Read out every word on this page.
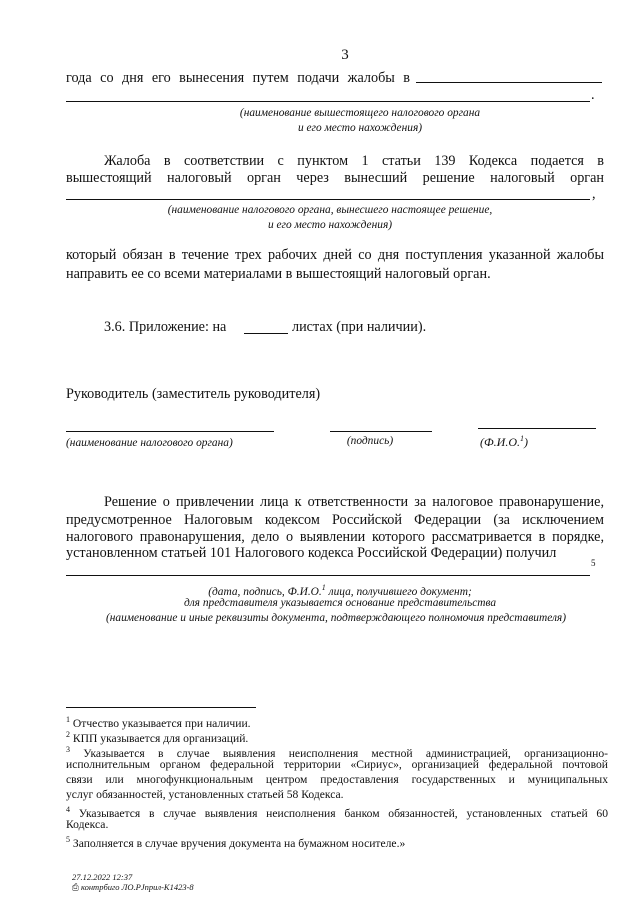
3
года со дня его вынесения путем подачи жалобы в
.
(наименование вышестоящего налогового органа
и его место нахождения)
Жалоба в соответствии с пунктом 1 статьи 139 Кодекса подается в
вышестоящий налоговый орган через вынесший решение налоговый орган
,
(наименование налогового органа, вынесшего настоящее решение,
и его место нахождения)
который обязан в течение трех рабочих дней со дня поступления указанной жалобы
направить ее со всеми материалами в вышестоящий налоговый орган.
3.6. Приложение: на	листах (при наличии).
Руководитель (заместитель руководителя)
(наименование налогового органа)	(подпись)	(Ф.И.О.$^1$)
Решение о привлечении лица к ответственности за налоговое правонарушение,
предусмотренное Налоговым кодексом Российской Федерации (за исключением
налогового правонарушения, дело о выявлении которого рассматривается в порядке,
установленном статьей 101 Налогового кодекса Российской Федерации) получил
5
(дата, подпись, Ф.И.О.$^1$ лица, получившего документ;
для представителя указывается основание представительства
(наименование и иные реквизиты документа, подтверждающего полномочия представителя)
$^1$ Отчество указывается при наличии.
$^2$ КПП указывается для организаций.
$^3$ Указывается в случае выявления неисполнения местной администрацией, организационно-
исполнительным органом федеральной территории «Сириус», организацией федеральной почтовой
связи или многофункциональным центром предоставления государственных и муниципальных
услуг обязанностей, установленных статьей 58 Кодекса.
$^4$ Указывается в случае выявления неисполнения банком обязанностей, установленных статьей 60
Кодекса.
$^5$ Заполняется в случае вручения документа на бумажном носителе.»
27.12.2022 12:37
⎙ контрбиго ЛО.РJприл-К1423-8
